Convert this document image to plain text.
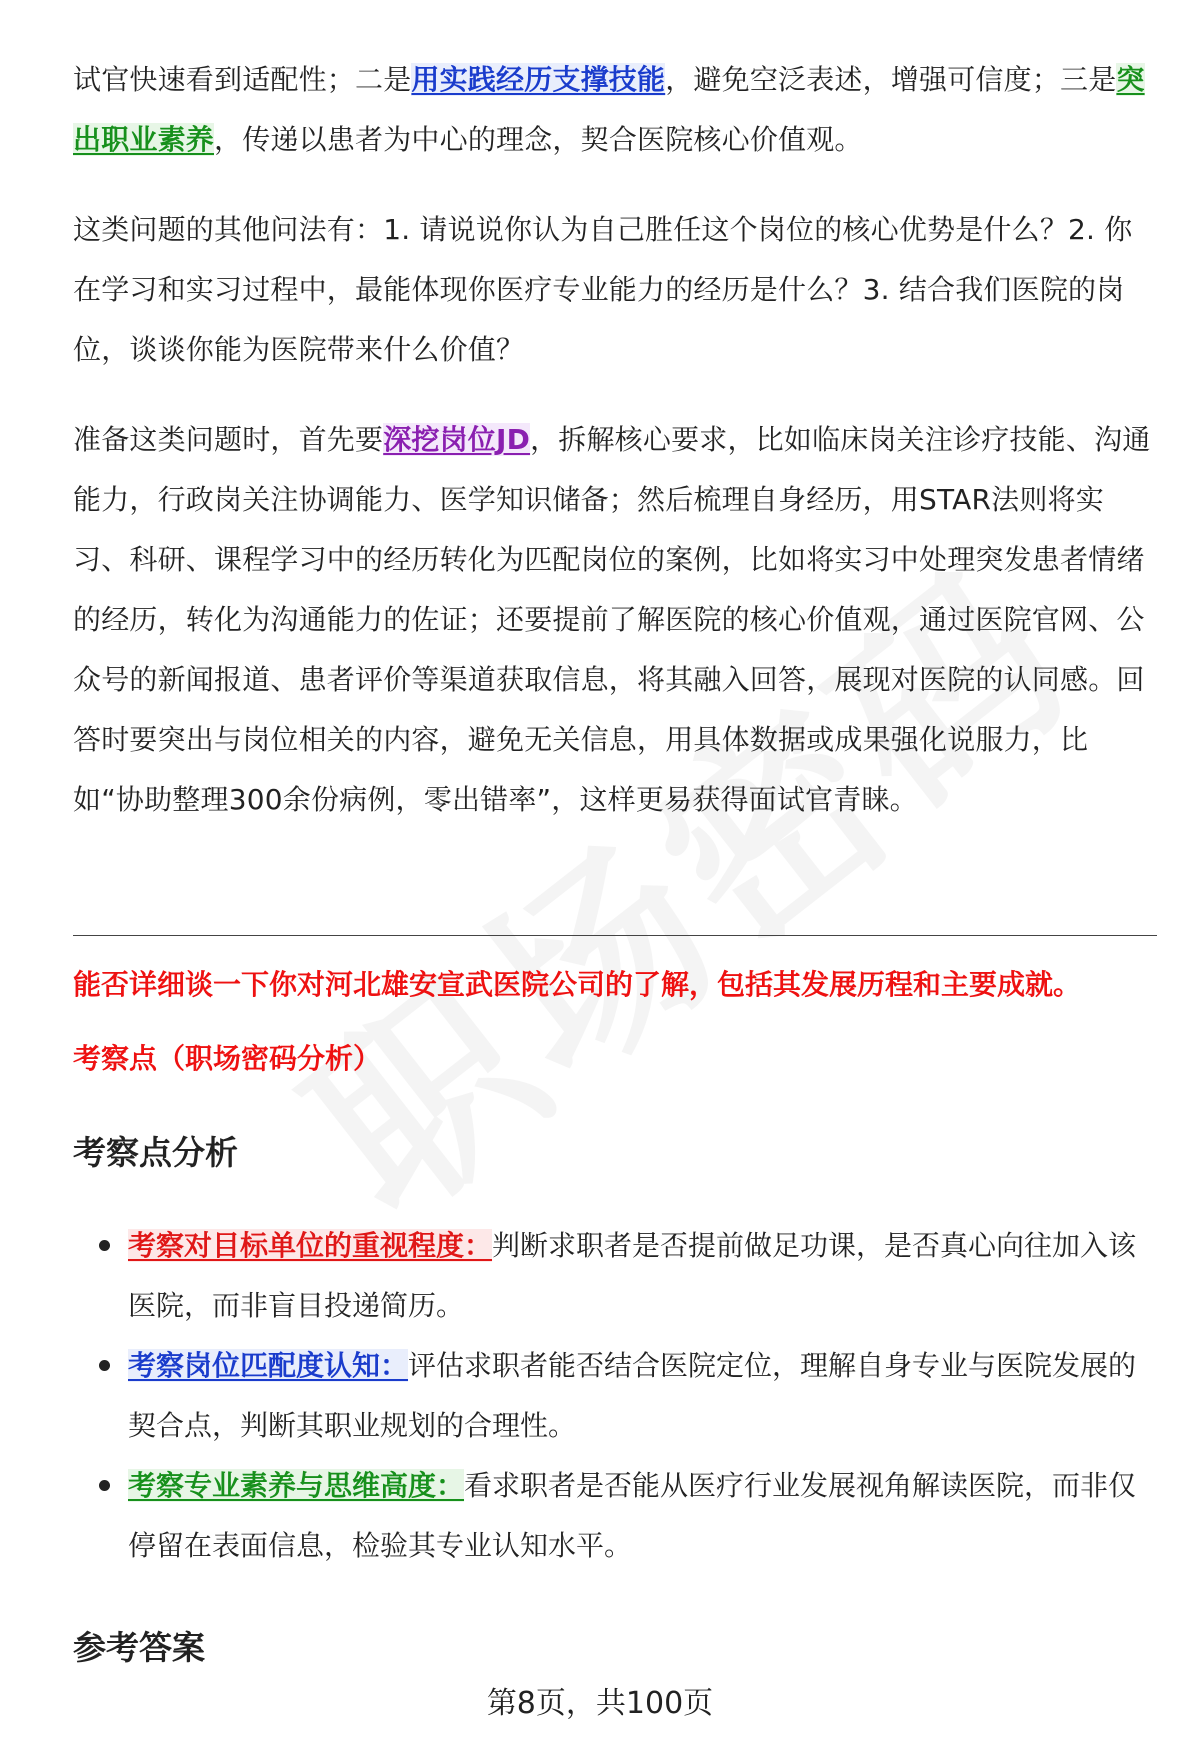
试官快速看到适配性；二是用实践经历支撑技能，避免空泛表述，增强可信度；三是突出职业素养，传递以患者为中心的理念，契合医院核心价值观。

这类问题的其他问法有：1. 请说说你认为自己胜任这个岗位的核心优势是什么？2. 你在学习和实习过程中，最能体现你医疗专业能力的经历是什么？3. 结合我们医院的岗位，谈谈你能为医院带来什么价值？

准备这类问题时，首先要深挖岗位JD，拆解核心要求，比如临床岗关注诊疗技能、沟通能力，行政岗关注协调能力、医学知识储备；然后梳理自身经历，用STAR法则将实习、科研、课程学习中的经历转化为匹配岗位的案例，比如将实习中处理突发患者情绪的经历，转化为沟通能力的佐证；还要提前了解医院的核心价值观，通过医院官网、公众号的新闻报道、患者评价等渠道获取信息，将其融入回答，展现对医院的认同感。回答时要突出与岗位相关的内容，避免无关信息，用具体数据或成果强化说服力，比如“协助整理300余份病例，零出错率”，这样更易获得面试官青睐。

能否详细谈一下你对河北雄安宣武医院公司的了解，包括其发展历程和主要成就。

考察点（职场密码分析）

考察点分析

考察对目标单位的重视程度：判断求职者是否提前做足功课，是否真心向往加入该医院，而非盲目投递简历。
考察岗位匹配度认知：评估求职者能否结合医院定位，理解自身专业与医院发展的契合点，判断其职业规划的合理性。
考察专业素养与思维高度：看求职者是否能从医疗行业发展视角解读医院，而非仅停留在表面信息，检验其专业认知水平。

参考答案

第8页，共100页
